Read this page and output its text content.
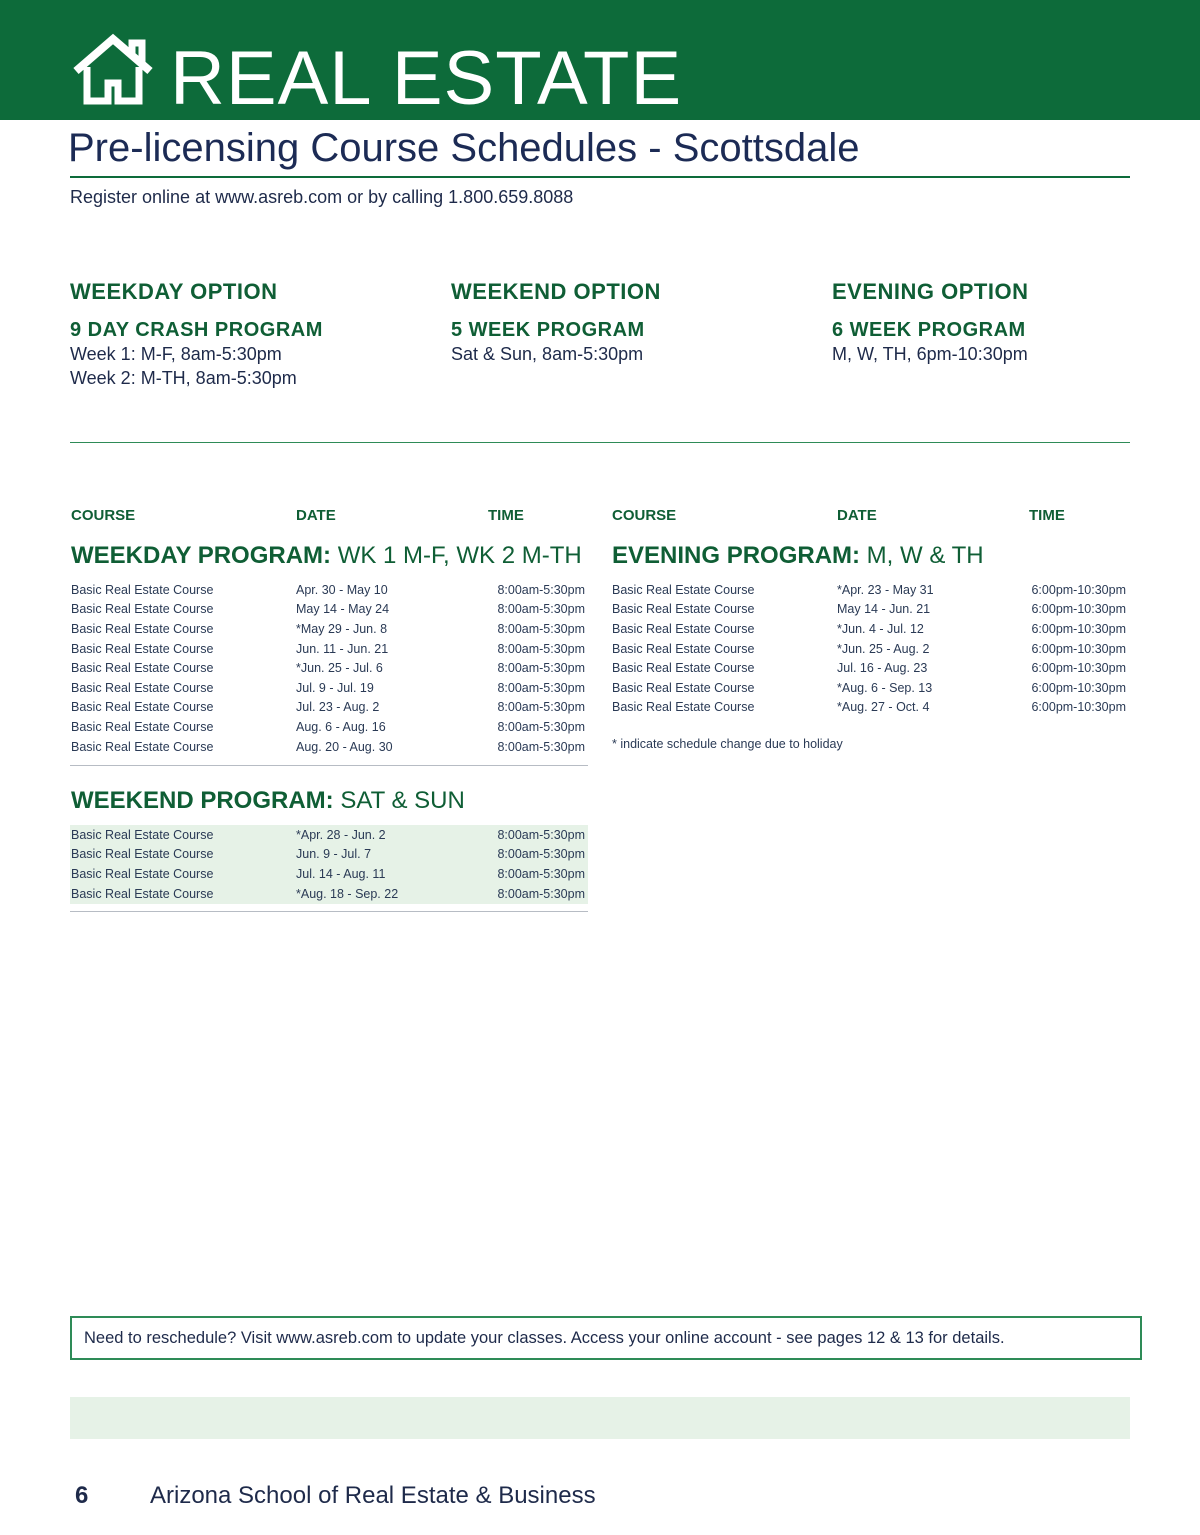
REAL ESTATE
Pre-licensing Course Schedules - Scottsdale
Register online at www.asreb.com or by calling 1.800.659.8088
WEEKDAY OPTION
9 DAY CRASH PROGRAM
Week 1: M-F, 8am-5:30pm
Week 2: M-TH, 8am-5:30pm
WEEKEND OPTION
5 WEEK PROGRAM
Sat & Sun, 8am-5:30pm
EVENING OPTION
6 WEEK PROGRAM
M, W, TH, 6pm-10:30pm
COURSE	DATE	TIME	COURSE	DATE	TIME
WEEKDAY PROGRAM: WK 1 M-F, WK 2 M-TH
Basic Real Estate Course	Apr. 30 - May 10	8:00am-5:30pm
Basic Real Estate Course	May 14 - May 24	8:00am-5:30pm
Basic Real Estate Course	*May 29 - Jun. 8	8:00am-5:30pm
Basic Real Estate Course	Jun. 11 - Jun. 21	8:00am-5:30pm
Basic Real Estate Course	*Jun. 25 - Jul. 6	8:00am-5:30pm
Basic Real Estate Course	Jul. 9 - Jul. 19	8:00am-5:30pm
Basic Real Estate Course	Jul. 23 - Aug. 2	8:00am-5:30pm
Basic Real Estate Course	Aug. 6 - Aug. 16	8:00am-5:30pm
Basic Real Estate Course	Aug. 20 - Aug. 30	8:00am-5:30pm
WEEKEND PROGRAM: SAT & SUN
Basic Real Estate Course	*Apr. 28 - Jun. 2	8:00am-5:30pm
Basic Real Estate Course	Jun. 9 - Jul. 7	8:00am-5:30pm
Basic Real Estate Course	Jul. 14 - Aug. 11	8:00am-5:30pm
Basic Real Estate Course	*Aug. 18 - Sep. 22	8:00am-5:30pm
EVENING PROGRAM: M, W & TH
Basic Real Estate Course	*Apr. 23 - May 31	6:00pm-10:30pm
Basic Real Estate Course	May 14 - Jun. 21	6:00pm-10:30pm
Basic Real Estate Course	*Jun. 4 - Jul. 12	6:00pm-10:30pm
Basic Real Estate Course	*Jun. 25 - Aug. 2	6:00pm-10:30pm
Basic Real Estate Course	Jul. 16 - Aug. 23	6:00pm-10:30pm
Basic Real Estate Course	*Aug. 6 - Sep. 13	6:00pm-10:30pm
Basic Real Estate Course	*Aug. 27 - Oct. 4	6:00pm-10:30pm
* indicate schedule change due to holiday
Need to reschedule? Visit www.asreb.com to update your classes. Access your online account - see pages 12 & 13 for details.
6	Arizona School of Real Estate & Business
